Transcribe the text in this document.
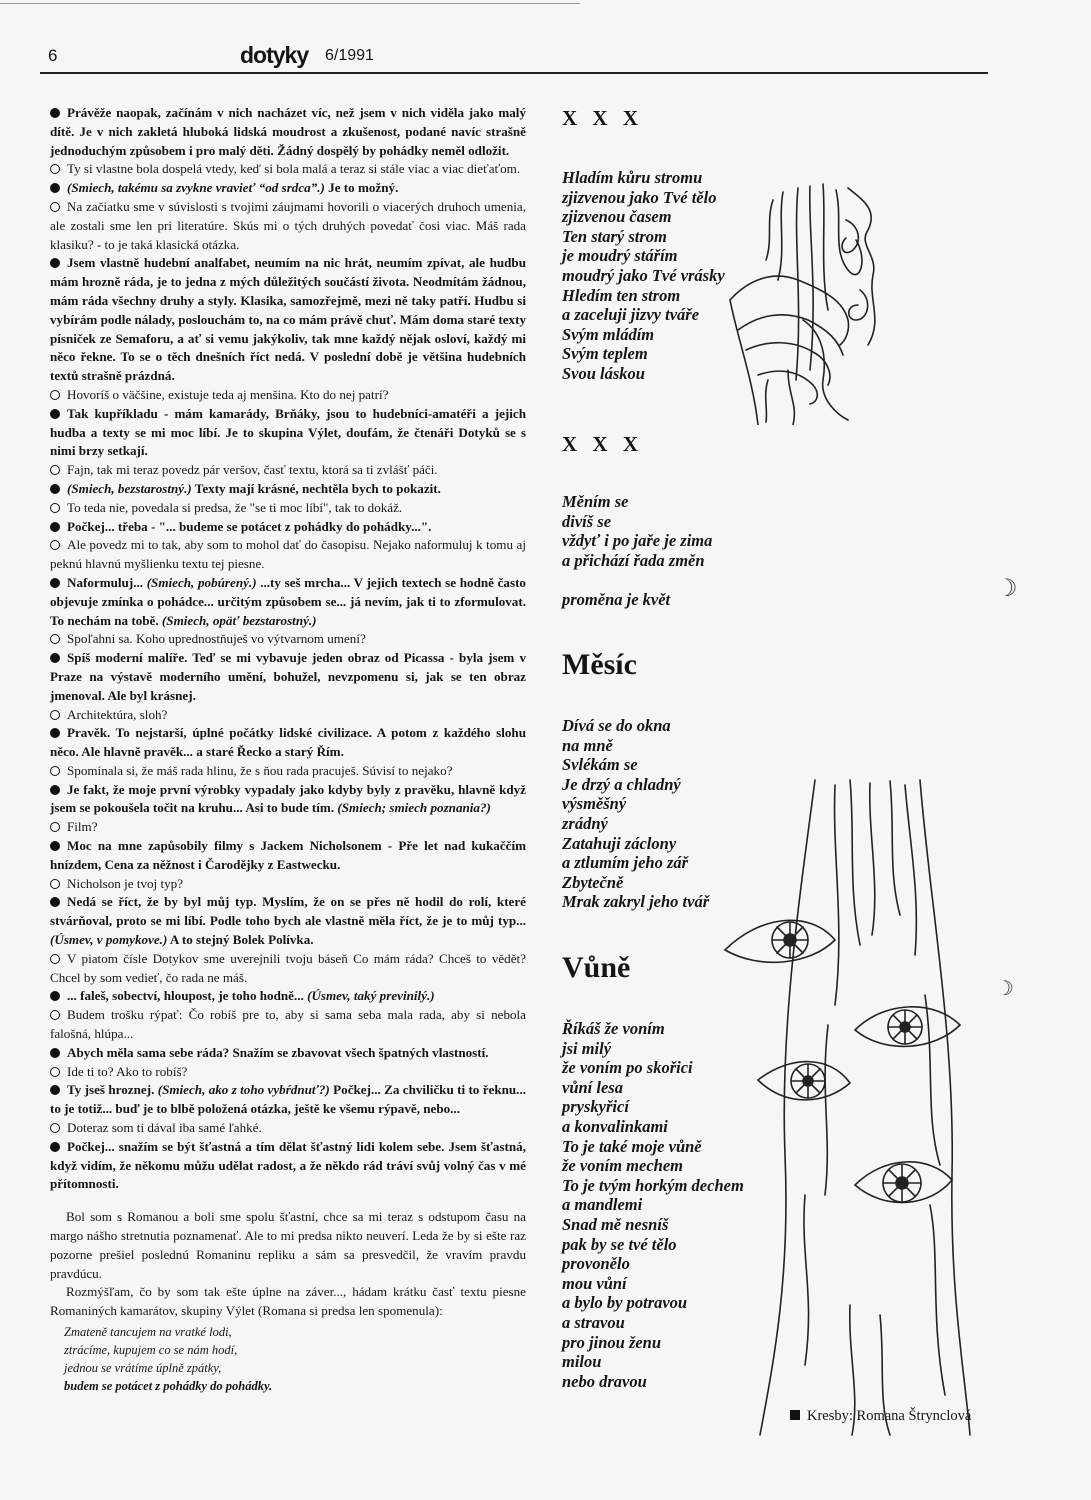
6	dotyky 6/1991

Právěže naopak, začínám v nich nacházet víc, než jsem v nich viděla jako malý dítě. Je v nich zakletá hluboká lidská moudrost a zkušenost, podané navíc strašně jednoduchým způsobem i pro malý děti. Žádný dospělý by pohádky neměl odložit.

Ty si vlastne bola dospelá vtedy, keď si bola malá a teraz si stále viac a viac dieťaťom.

(Smiech, takému sa zvykne vravieť “od srdca”.) Je to možný.

Na začiatku sme v súvislosti s tvojimi záujmami hovorili o viacerých druhoch umenia, ale zostali sme len pri literatúre. Skús mi o tých druhých povedať čosi viac. Máš rada klasiku? - to je taká klasická otázka.

Jsem vlastně hudební analfabet, neumím na nic hrát, neumím zpívat, ale hudbu mám hrozně ráda, je to jedna z mých důležitých součástí života. Neodmítám žádnou, mám ráda všechny druhy a styly. Klasika, samozřejmě, mezi ně taky patří. Hudbu si vybírám podle nálady, poslouchám to, na co mám právě chuť. Mám doma staré texty písniček ze Semaforu, a ať si vemu jakýkoliv, tak mne každý nějak osloví, každý mi něco řekne. To se o těch dnešních říct nedá. V poslední době je většina hudebních textů strašně prázdná.

Hovoríš o väčšine, existuje teda aj menšina. Kto do nej patrí?

Tak kupříkladu - mám kamarády, Brňáky, jsou to hudebníci-amatéři a jejich hudba a texty se mi moc líbí. Je to skupina Výlet, doufám, že čtenáři Dotyků se s nimi brzy setkají.

Fajn, tak mi teraz povedz pár veršov, časť textu, ktorá sa ti zvlášť páči.

(Smiech, bezstarostný.) Texty mají krásné, nechtěla bych to pokazit.

To teda nie, povedala si predsa, že "se ti moc líbí", tak to dokáž.

Počkej... třeba - "... budeme se potácet z pohádky do pohádky...".

Ale povedz mi to tak, aby som to mohol dať do časopisu. Nejako naformuluj k tomu aj peknú hlavnú myšlienku textu tej piesne.

Naformuluj... (Smiech, pobúrený.) ...ty seš mrcha... V jejich textech se hodně často objevuje zmínka o pohádce... určitým způsobem se... já nevím, jak ti to zformulovat. To nechám na tobě. (Smiech, opäť bezstarostný.)

Spoľahni sa. Koho uprednostňuješ vo výtvarnom umení?

Spíš moderní malíře. Teď se mi vybavuje jeden obraz od Picassa - byla jsem v Praze na výstavě moderního umění, bohužel, nevzpomenu si, jak se ten obraz jmenoval. Ale byl krásnej.

Architektúra, sloh?

Pravěk. To nejstarší, úplné počátky lidské civilizace. A potom z každého slohu něco. Ale hlavně pravěk... a staré Řecko a starý Řím.

Spomínala si, že máš rada hlinu, že s ňou rada pracuješ. Súvisí to nejako?

Je fakt, že moje první výrobky vypadaly jako kdyby byly z pravěku, hlavně když jsem se pokoušela točit na kruhu... Asi to bude tím. (Smiech; smiech poznania?)

Film?

Moc na mne zapůsobily filmy s Jackem Nicholsonem - Pře let nad kukaččím hnízdem, Cena za něžnost i Čarodějky z Eastwecku.

Nicholson je tvoj typ?

Nedá se říct, že by byl můj typ. Myslím, že on se přes ně hodil do rolí, které stvárňoval, proto se mi líbí. Podle toho bych ale vlastně měla říct, že je to můj typ... (Úsmev, v pomykove.) A to stejný Bolek Polívka.

V piatom čísle Dotykov sme uverejnili tvoju báseň Co mám ráda? Chceš to vědět? Chcel by som vedieť, čo rada ne máš.

... faleš, sobectví, hloupost, je toho hodně... (Úsmev, taký previnilý.)

Budem trošku rýpať: Čo robíš pre to, aby si sama seba mala rada, aby si nebola falošná, hlúpa...

Abych měla sama sebe ráda? Snažím se zbavovat všech špatných vlastností.

Ide ti to? Ako to robíš?

Ty jseš hroznej. (Smiech, ako z toho vybŕdnuť?) Počkej... Za chviličku ti to řeknu... to je totiž... buď je to blbě položená otázka, ještě ke všemu rýpavě, nebo...

Doteraz som ti dával iba samé ľahké.

Počkej... snažím se být šťastná a tím dělat šťastný lidi kolem sebe. Jsem šťastná, když vidím, že někomu můžu udělat radost, a že někdo rád tráví svůj volný čas v mé přítomnosti.

Bol som s Romanou a boli sme spolu šťastní, chce sa mi teraz s odstupom času na margo nášho stretnutia poznamenať. Ale to mi predsa nikto neuverí. Leda že by si ešte raz pozorne prešiel poslednú Romaninu repliku a sám sa presvedčil, že vravím pravdu pravdúcu.

Rozmýšľam, čo by som tak ešte úplne na záver..., hádam krátku časť textu piesne Romaniných kamarátov, skupiny Výlet (Romana si predsa len spomenula):

Zmateně tancujem na vratké lodi,
ztrácíme, kupujem co se nám hodí,
jednou se vrátíme úplně zpátky,
budem se potácet z pohádky do pohádky.
X X X
X X X
Měsíc
Vůně
Hladím kůru stromu
zjizvenou jako Tvé tělo
zjizvenou časem
Ten starý strom
je moudrý stářím
moudrý jako Tvé vrásky
Hledím ten strom
a zaceluji jizvy tváře
Svým mládím
Svým teplem
Svou láskou
Měním se
divíš se
vždyť i po jaře je zima
a přichází řada změn
proměna je květ
Dívá se do okna
na mně
Svlékám se
Je drzý a chladný
výsměšný
zrádný
Zatahuji záclony
a ztlumím jeho zář
Zbytečně
Mrak zakryl jeho tvář
Říkáš že voním
jsi milý
že voním po skořici
vůní lesa
pryskyřicí
a konvalinkami
To je také moje vůně
že voním mechem
To je tvým horkým dechem
a mandlemi
Snad mě nesníš
pak by se tvé tělo
provonělo
mou vůní
a bylo by potravou
a stravou
pro jinou ženu
milou
nebo dravou
☽
☽
Kresby: Romana Štrynclová
